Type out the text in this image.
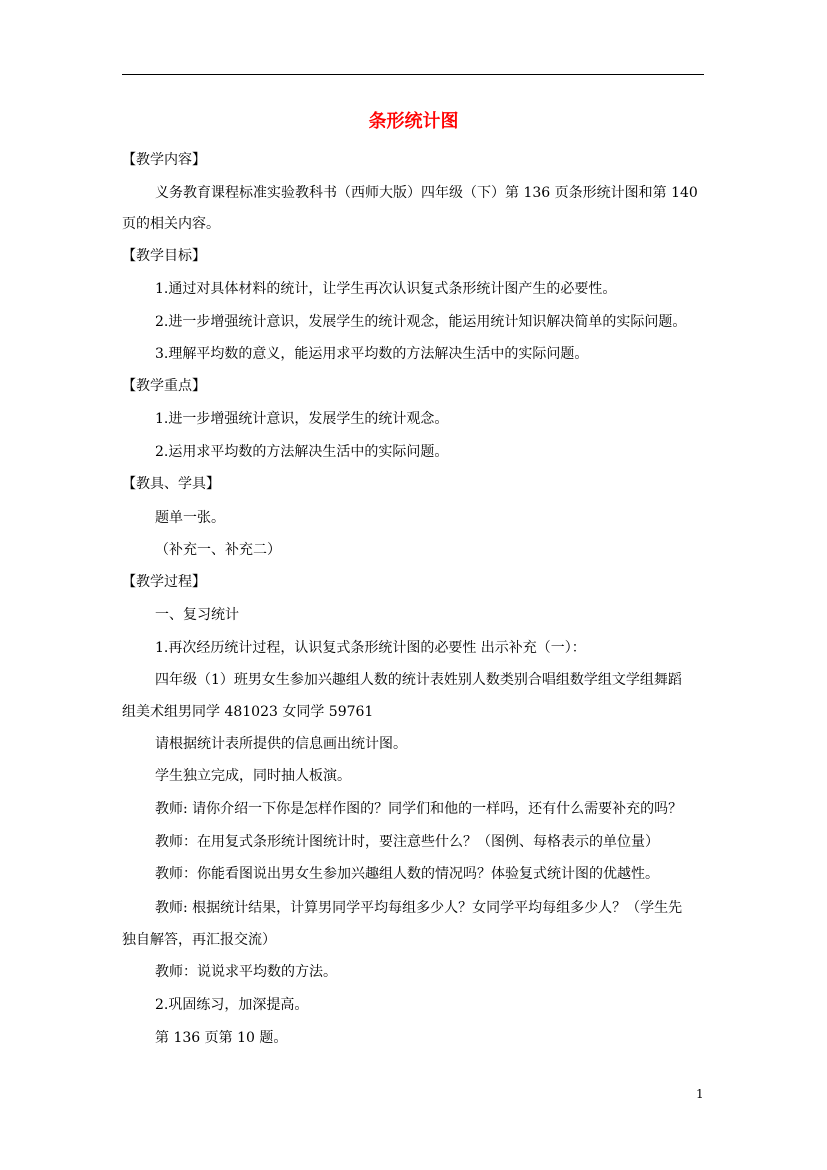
条形统计图
【教学内容】
义务教育课程标准实验教科书（西师大版）四年级（下）第 136 页条形统计图和第 140
页的相关内容。
【教学目标】
1.通过对具体材料的统计，让学生再次认识复式条形统计图产生的必要性。
2.进一步增强统计意识，发展学生的统计观念，能运用统计知识解决简单的实际问题。
3.理解平均数的意义，能运用求平均数的方法解决生活中的实际问题。
【教学重点】
1.进一步增强统计意识，发展学生的统计观念。
2.运用求平均数的方法解决生活中的实际问题。
【教具、学具】
题单一张。
（补充一、补充二）
【教学过程】
一、复习统计
1.再次经历统计过程，认识复式条形统计图的必要性 出示补充（一）：
四年级（1）班男女生参加兴趣组人数的统计表姓别人数类别合唱组数学组文学组舞蹈
组美术组男同学 481023 女同学 59761
请根据统计表所提供的信息画出统计图。
学生独立完成，同时抽人板演。
教师: 请你介绍一下你是怎样作图的？同学们和他的一样吗，还有什么需要补充的吗？
教师：在用复式条形统计图统计时，要注意些什么？（图例、每格表示的单位量）
教师：你能看图说出男女生参加兴趣组人数的情况吗？体验复式统计图的优越性。
教师: 根据统计结果，计算男同学平均每组多少人？女同学平均每组多少人？（学生先
独自解答，再汇报交流）
教师：说说求平均数的方法。
2.巩固练习，加深提高。
第 136 页第 10 题。
1
